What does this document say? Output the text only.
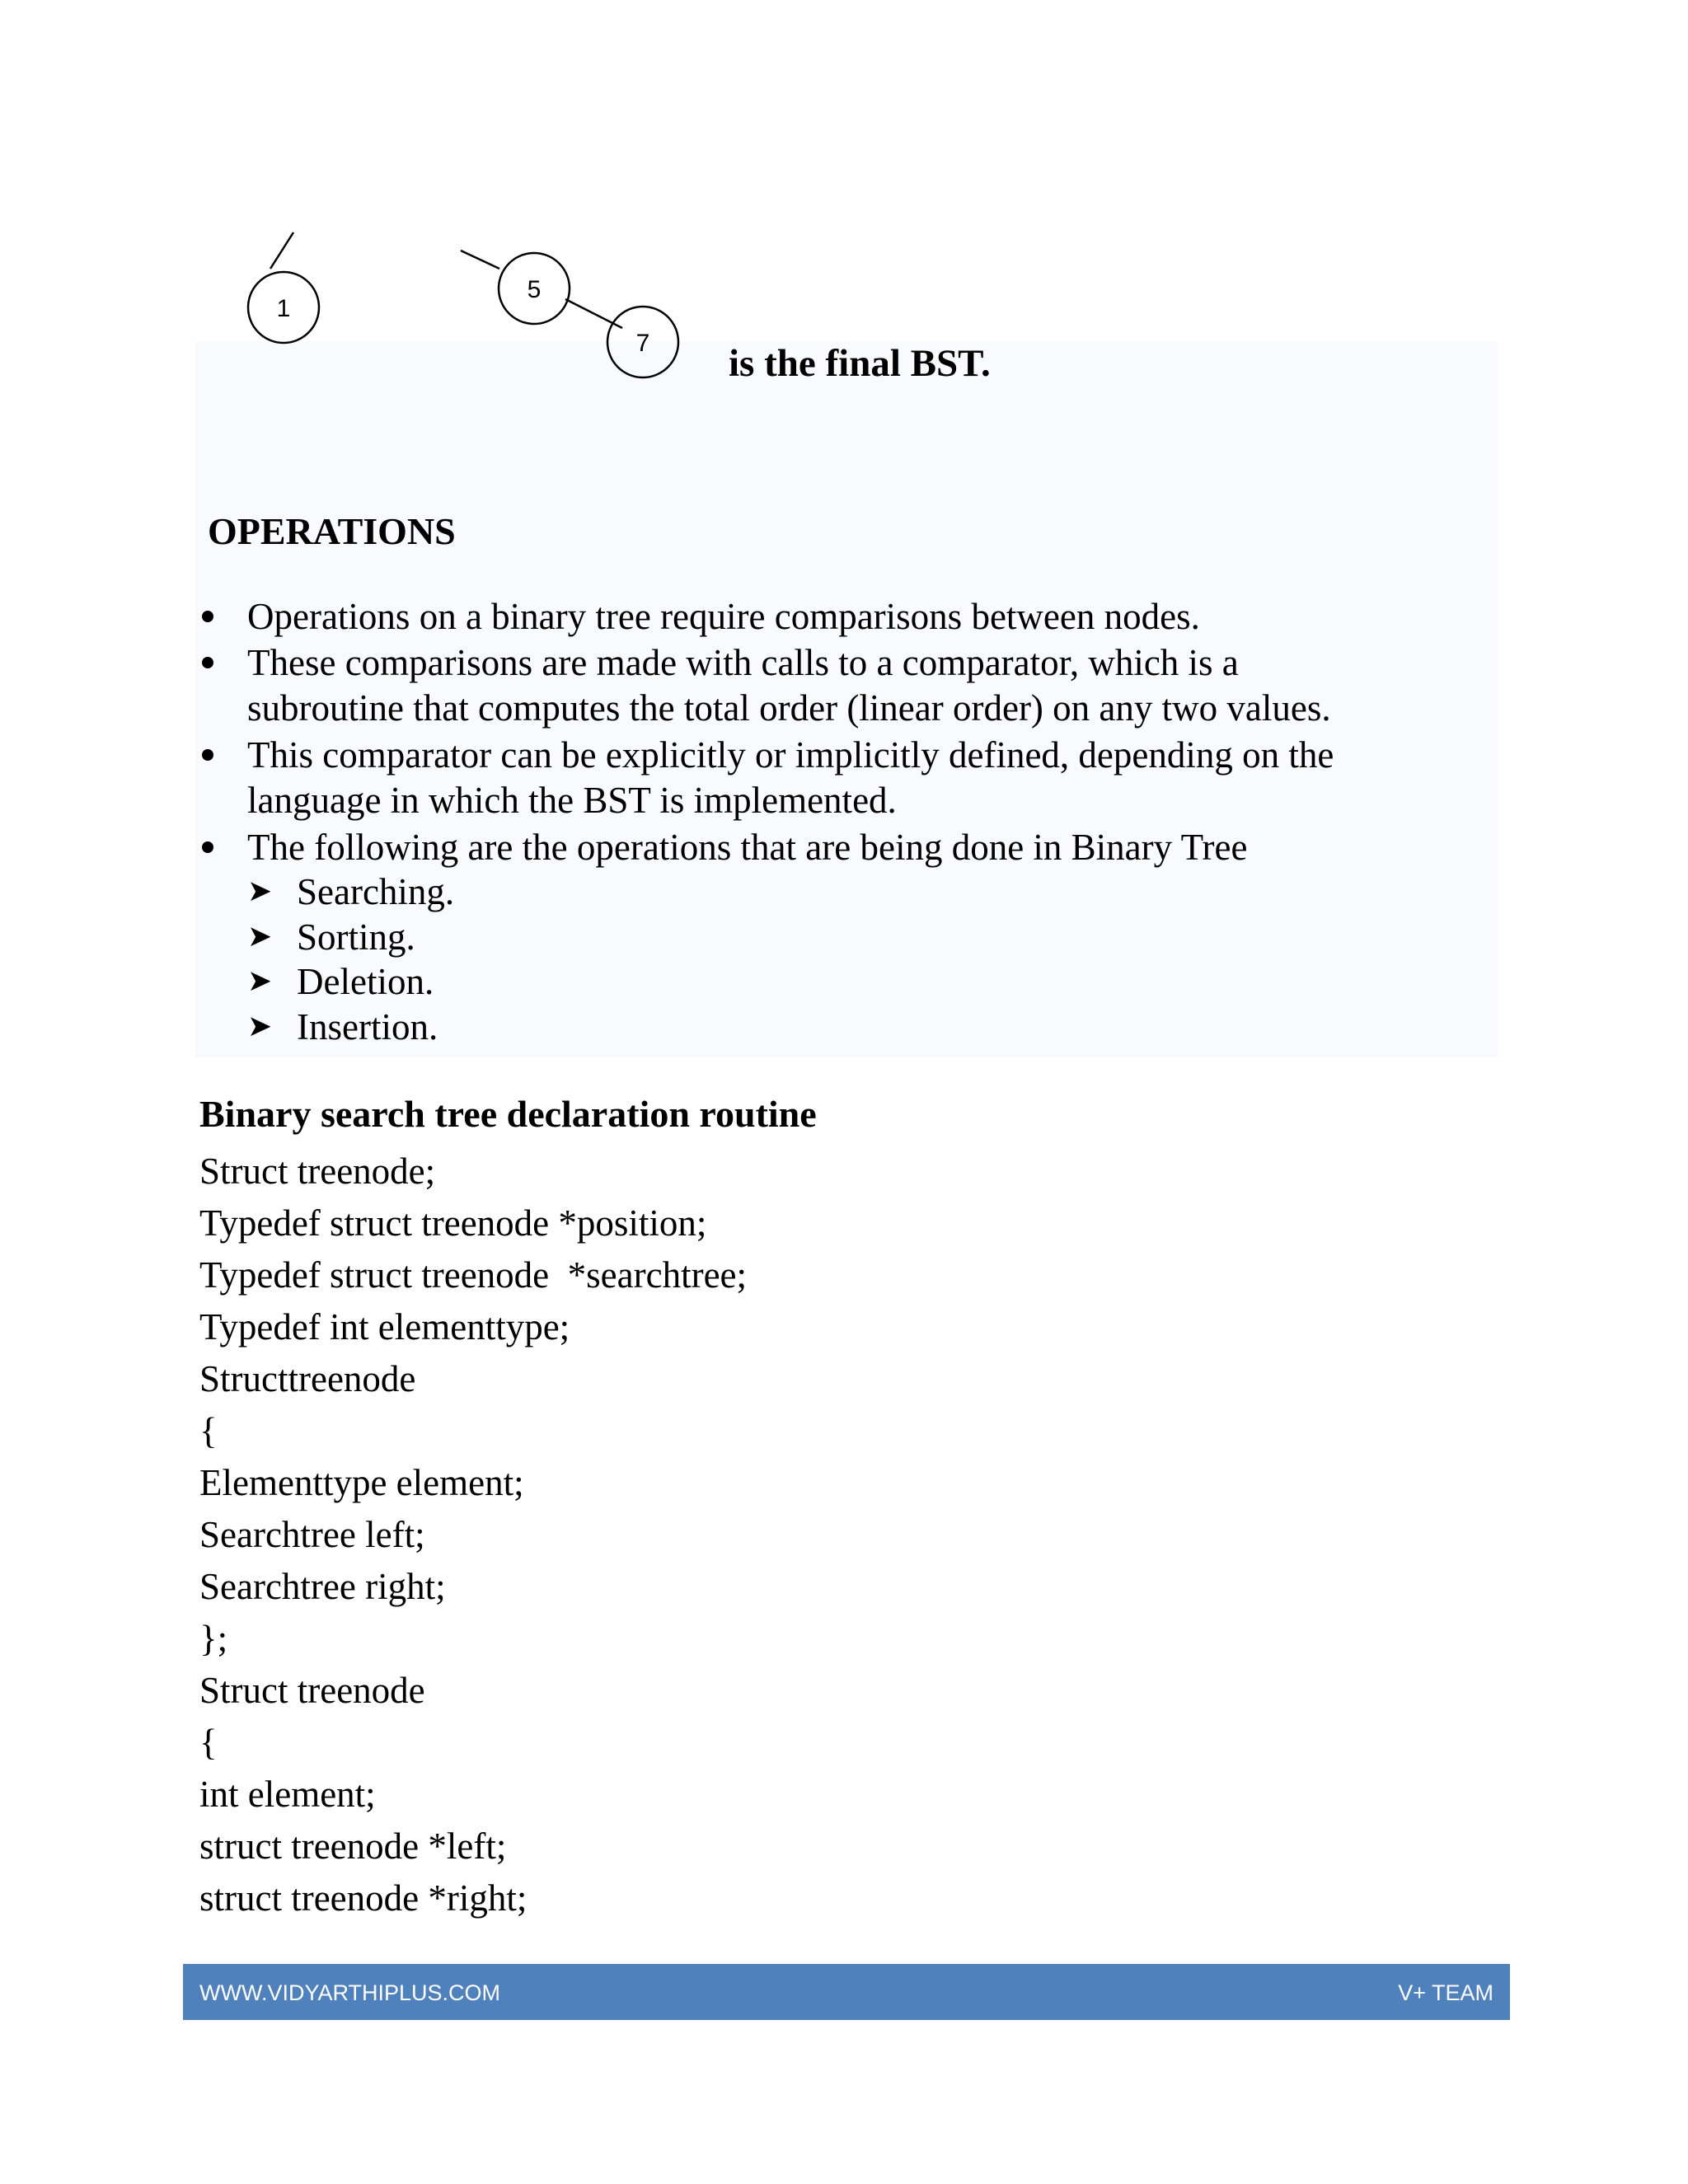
1
5
7 is the final BST.
OPERATIONS
Operations on a binary tree require comparisons between nodes.
These comparisons are made with calls to a comparator, which is a
subroutine that computes the total order (linear order) on any two values.
This comparator can be explicitly or implicitly defined, depending on the
language in which the BST is implemented.
The following are the operations that are being done in Binary Tree
➤ Searching.
➤ Sorting.
➤ Deletion.
➤ Insertion.
Binary search tree declaration routine
Struct treenode;
Typedef struct treenode *position;
Typedef struct treenode  *searchtree;
Typedef int elementtype;
Structtreenode
{
Elementtype element;
Searchtree left;
Searchtree right;
};
Struct treenode
{
int element;
struct treenode *left;
struct treenode *right;
WWW.VIDYARTHIPLUS.COM	V+ TEAM
